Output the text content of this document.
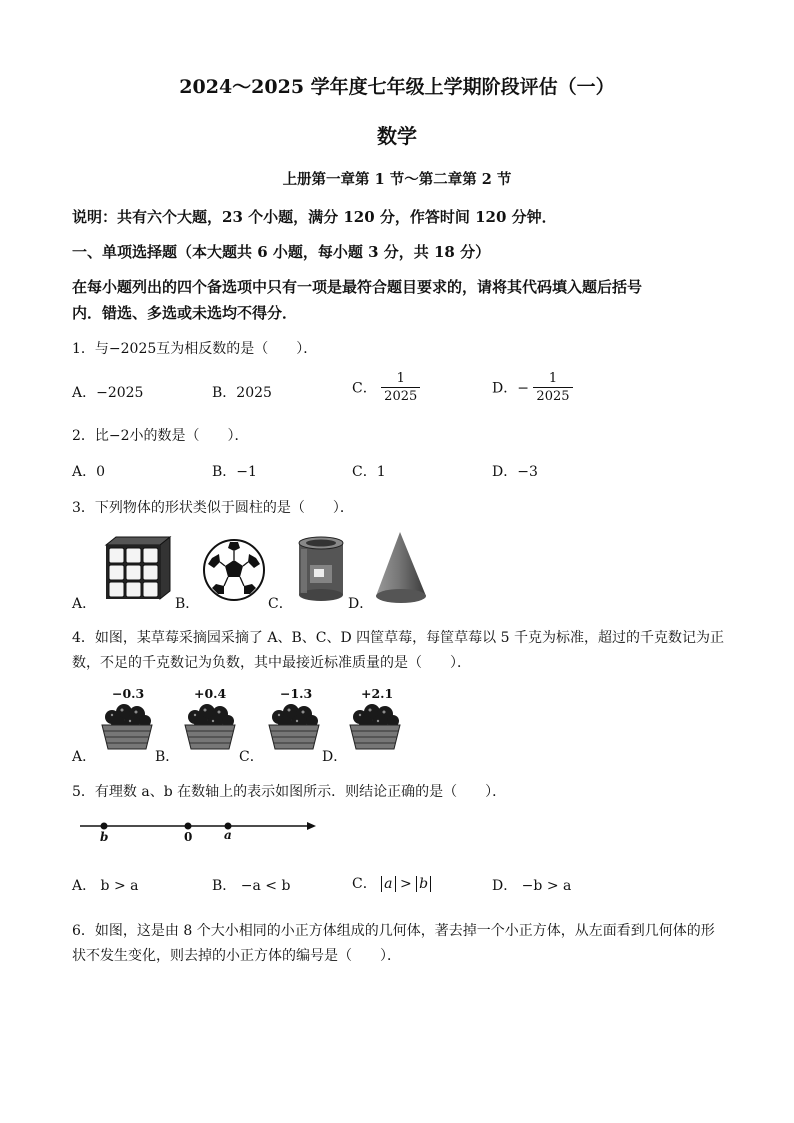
2024～2025 学年度七年级上学期阶段评估（一）
数学
上册第一章第 1 节～第二章第 2 节
说明：共有六个大题，23 个小题，满分 120 分，作答时间 120 分钟．
一、单项选择题（本大题共 6 小题，每小题 3 分，共 18 分）
在每小题列出的四个备选项中只有一项是最符合题目要求的，请将其代码填入题后括号
内．错选、多选或未选均不得分．
1．与−2025互为相反数的是（　　）．
A．−2025	B．2025	C． $\frac{1}{2025}$	D．− $\frac{1}{2025}$
2．比−2小的数是（　　）．
A．0	B．−1	C．1	D．−3
3．下列物体的形状类似于圆柱的是（　　）．
A．	B．	C．	D．
4．如图，某草莓采摘园采摘了 A、B、C、D 四筐草莓，每筐草莓以 5 千克为标准，超过的千克数记为正
数，不足的千克数记为负数，其中最接近标准质量的是（　　）．
−0.3	+0.4	−1.3	+2.1
A．	B．	C．	D．
5．有理数 a、b 在数轴上的表示如图所示．则结论正确的是（　　）．
b	0	a
A． b > a	B． −a < b	C． a > b	D． −b > a
6．如图，这是由 8 个大小相同的小正方体组成的几何体，著去掉一个小正方体，从左面看到几何体的形
状不发生变化，则去掉的小正方体的编号是（　　）．
